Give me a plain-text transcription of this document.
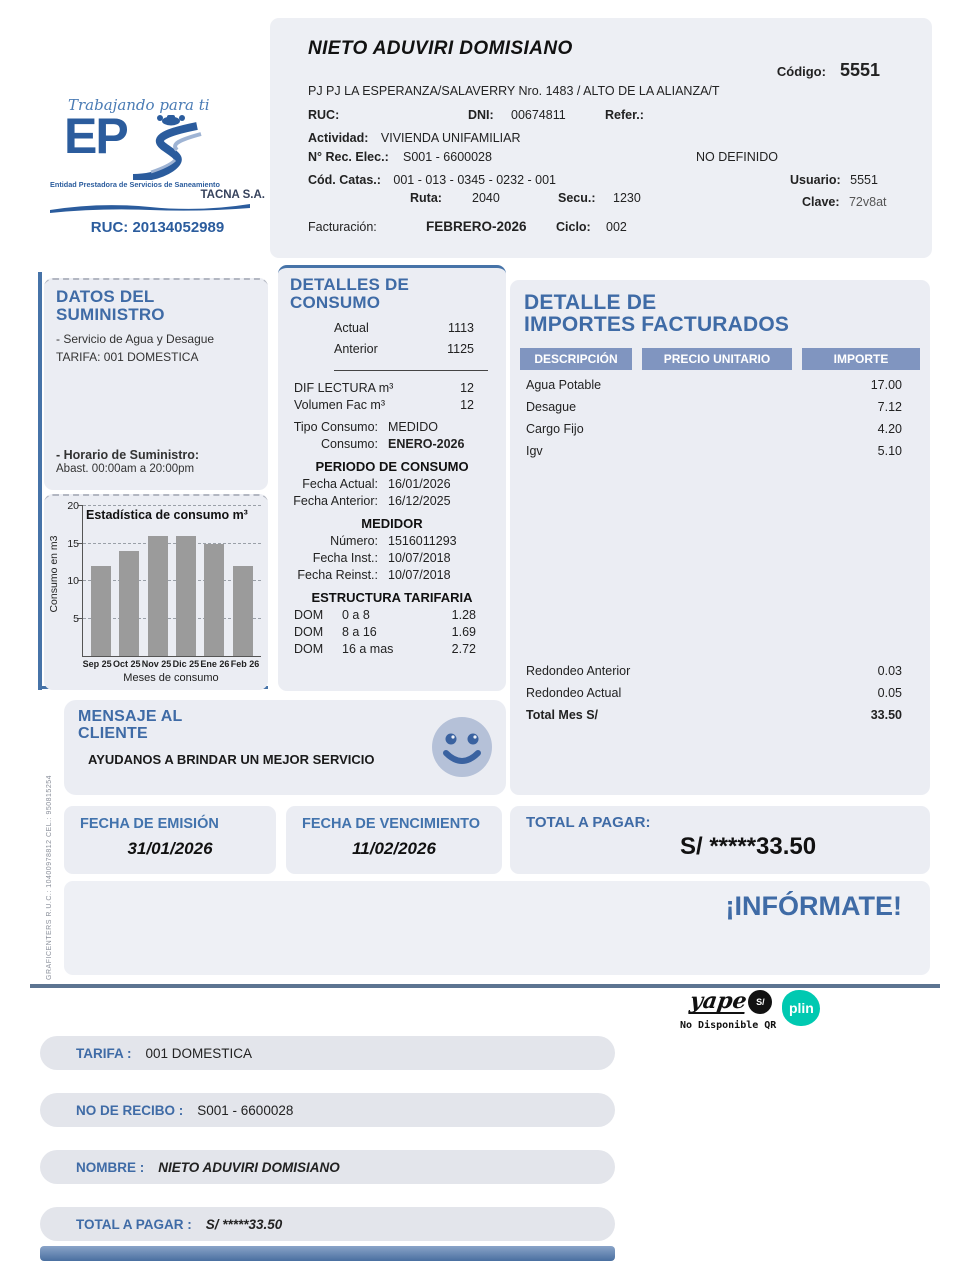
NIETO ADUVIRI DOMISIANO
Código: 5551
PJ PJ LA ESPERANZA/SALAVERRY Nro. 1483 / ALTO DE LA ALIANZA/T
RUC:	DNI: 00674811	Refer.:
Actividad: VIVIENDA UNIFAMILIAR
N° Rec. Elec.: S001 - 6600028	NO DEFINIDO
Cód. Catas.: 001 - 013 - 0345 - 0232 - 001
Ruta: 2040	Secu.: 1230
Usuario: 5551
Clave: 72v8at
Facturación:	FEBRERO-2026 Ciclo: 002
Trabajando para ti
EP
Entidad Prestadora de Servicios de Saneamiento
TACNA S.A.
RUC: 20134052989
DATOS DEL
SUMINISTRO
- Servicio de Agua y Desague
TARIFA: 001 DOMESTICA
- Horario de Suministro:
Abast. 00:00am a 20:00pm
Consumo en m3
5
10
15
20
Estadística de consumo m³
Sep 25 Oct 25 Nov 25 Dic 25 Ene 26 Feb 26
Meses de consumo
DETALLES DE
CONSUMO
Actual	1113
Anterior	1125
DIF LECTURA m³	12
Volumen Fac m³	12
Tipo Consumo: MEDIDO
Consumo: ENERO-2026
PERIODO DE CONSUMO
Fecha Actual: 16/01/2026
Fecha Anterior: 16/12/2025
MEDIDOR
Número: 1516011293
Fecha Inst.: 10/07/2018
Fecha Reinst.: 10/07/2018
ESTRUCTURA TARIFARIA
DOM	0 a 8	1.28
DOM	8 a 16	1.69
DOM	16 a mas	2.72
DETALLE DE
IMPORTES FACTURADOS
DESCRIPCIÓN	PRECIO UNITARIO	IMPORTE
Agua Potable	17.00
Desague	7.12
Cargo Fijo	4.20
Igv	5.10
Redondeo Anterior	0.03
Redondeo Actual	0.05
Total Mes S/	33.50
MENSAJE AL
CLIENTE
AYUDANOS A BRINDAR UN MEJOR SERVICIO
FECHA DE EMISIÓN
31/01/2026
FECHA DE VENCIMIENTO
11/02/2026
TOTAL A PAGAR:
S/ *****33.50
¡INFÓRMATE!
GRAFICENTERS R.U.C.: 10400978812 CEL.: 950815254
yape S/	plin
No Disponible QR
TARIFA : 001 DOMESTICA
NO DE RECIBO : S001 - 6600028
NOMBRE : NIETO ADUVIRI DOMISIANO
TOTAL A PAGAR : S/ *****33.50
